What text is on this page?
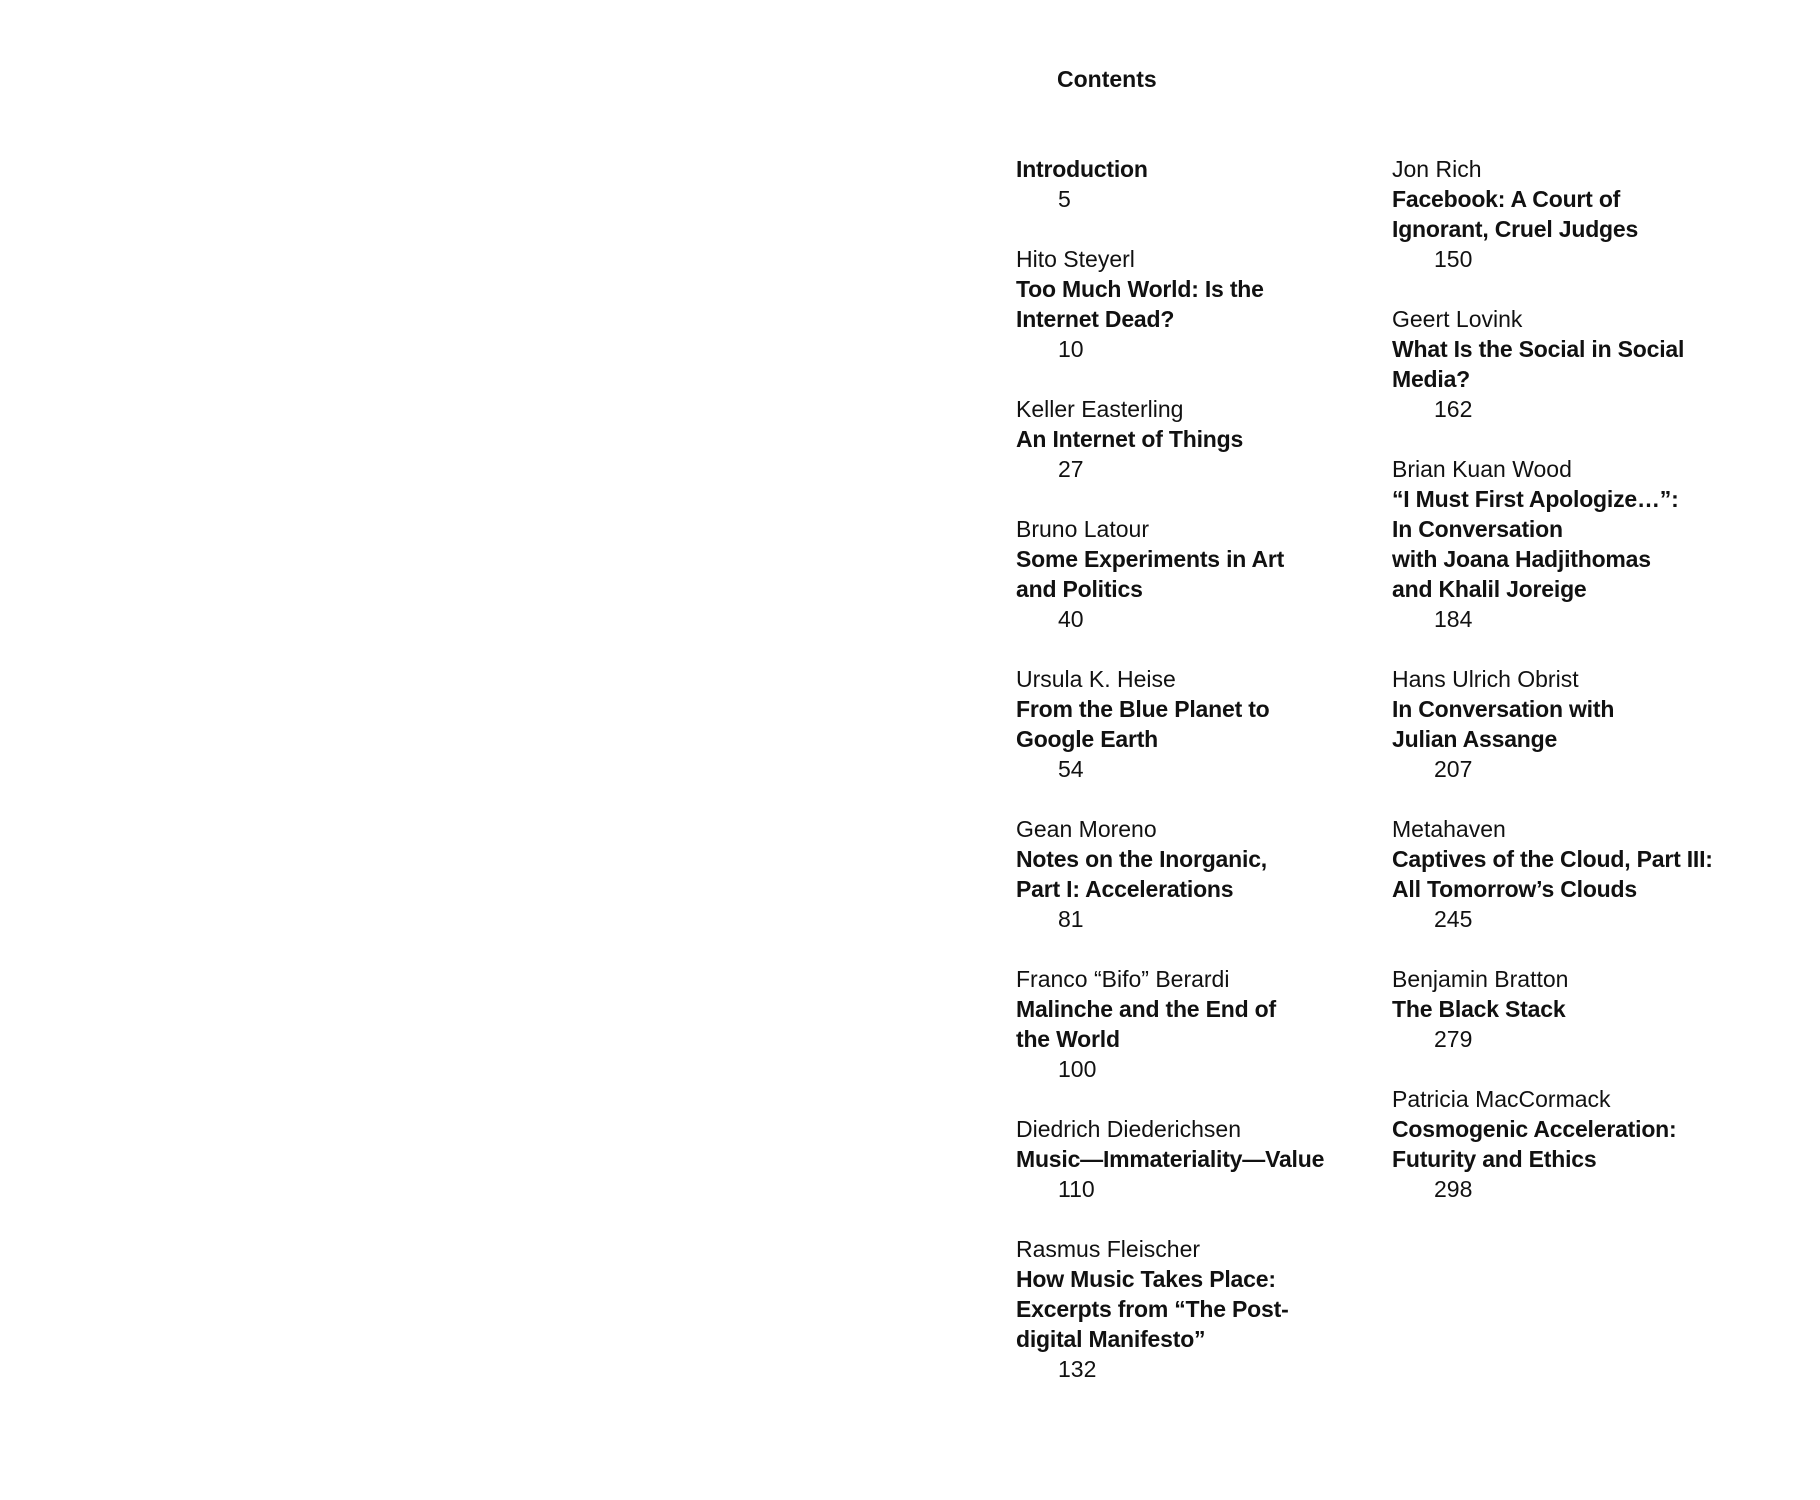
Contents
Introduction
5
Hito Steyerl
Too Much World: Is the
Internet Dead?
10
Keller Easterling
An Internet of Things
27
Bruno Latour
Some Experiments in Art
and Politics
40
Ursula K. Heise
From the Blue Planet to
Google Earth
54
Gean Moreno
Notes on the Inorganic,
Part I: Accelerations
81
Franco “Bifo” Berardi
Malinche and the End of
the World
100
Diedrich Diederichsen
Music—Immateriality—Value
110
Rasmus Fleischer
How Music Takes Place:
Excerpts from “The Post-
digital Manifesto”
132
Jon Rich
Facebook: A Court of
Ignorant, Cruel Judges
150
Geert Lovink
What Is the Social in Social
Media?
162
Brian Kuan Wood
“I Must First Apologize…”:
In Conversation
with Joana Hadjithomas
and Khalil Joreige
184
Hans Ulrich Obrist
In Conversation with
Julian Assange
207
Metahaven
Captives of the Cloud, Part III:
All Tomorrow’s Clouds
245
Benjamin Bratton
The Black Stack
279
Patricia MacCormack
Cosmogenic Acceleration:
Futurity and Ethics
298
